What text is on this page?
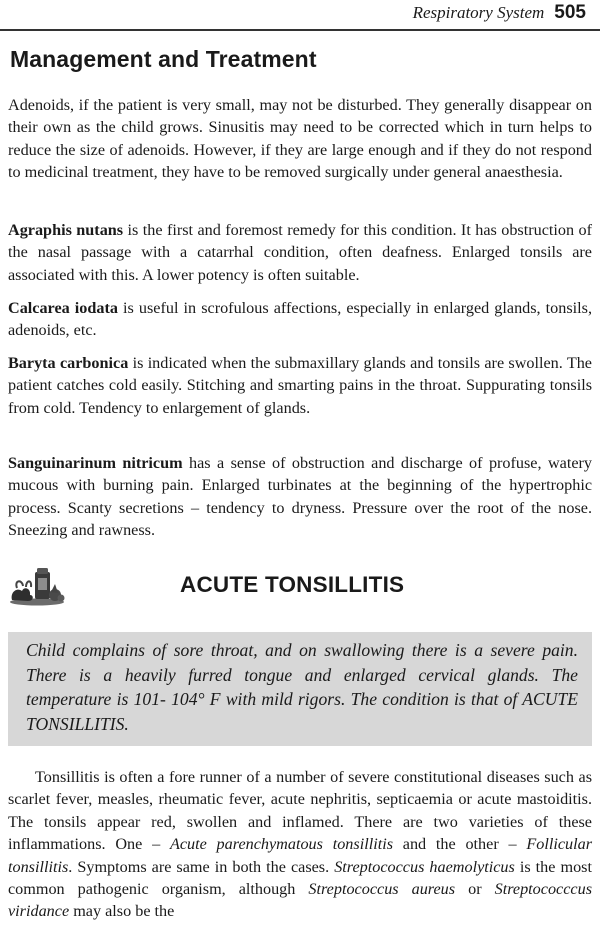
Respiratory System 505
Management and Treatment

Adenoids, if the patient is very small, may not be disturbed. They generally disappear on their own as the child grows. Sinusitis may need to be corrected which in turn helps to reduce the size of adenoids. However, if they are large enough and if they do not respond to medicinal treatment, they have to be removed surgically under general anaesthesia.

Agraphis nutans is the first and foremost remedy for this condition. It has obstruction of the nasal passage with a catarrhal condition, often deafness. Enlarged tonsils are associated with this. A lower potency is often suitable.

Calcarea iodata is useful in scrofulous affections, especially in enlarged glands, tonsils, adenoids, etc.

Baryta carbonica is indicated when the submaxillary glands and tonsils are swollen. The patient catches cold easily. Stitching and smarting pains in the throat. Suppurating tonsils from cold. Tendency to enlargement of glands.

Sanguinarinum nitricum has a sense of obstruction and discharge of profuse, watery mucous with burning pain. Enlarged turbinates at the beginning of the hypertrophic process. Scanty secretions – tendency to dryness. Pressure over the root of the nose. Sneezing and rawness.

ACUTE TONSILLITIS

Child complains of sore throat, and on swallowing there is a severe pain. There is a heavily furred tongue and enlarged cervical glands. The temperature is 101- 104° F with mild rigors. The condition is that of ACUTE TONSILLITIS.

Tonsillitis is often a fore runner of a number of severe constitutional diseases such as scarlet fever, measles, rheumatic fever, acute nephritis, septicaemia or acute mastoiditis. The tonsils appear red, swollen and inflamed. There are two varieties of these inflammations. One – Acute parenchymatous tonsillitis and the other – Follicular tonsillitis. Symptoms are same in both the cases. Streptococcus haemolyticus is the most common pathogenic organism, although Streptococcus aureus or Streptococccus viridance may also be the
